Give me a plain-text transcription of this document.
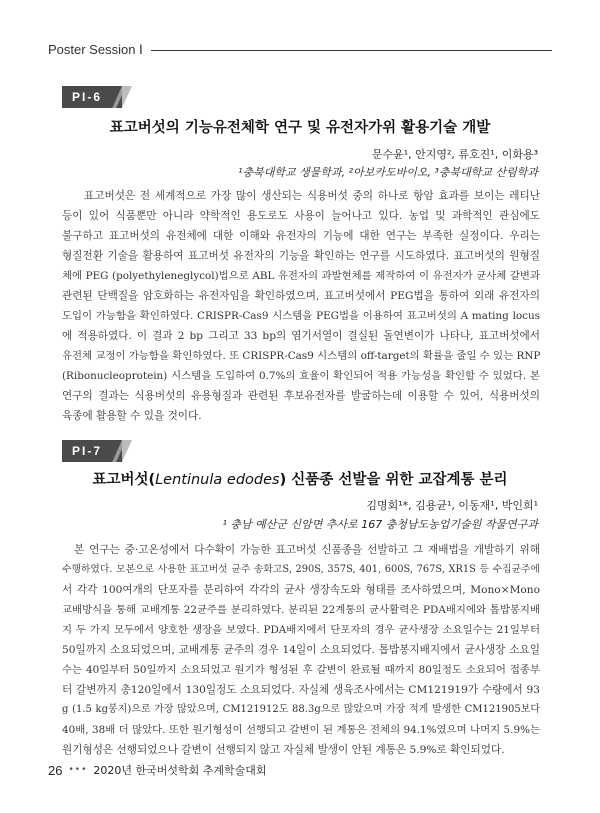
Poster Session Ⅰ
PI-6
표고버섯의 기능유전체학 연구 및 유전자가위 활용기술 개발
문수윤¹, 안지영², 류호진¹, 이화용³
¹충북대학교 생물학과, ²아보카도바이오, ³충북대학교 산림학과
표고버섯은 전 세계적으로 가장 많이 생산되는 식용버섯 중의 하나로 항암 효과를 보이는 레티난
등이 있어 식품뿐만 아니라 약학적인 용도로도 사용이 늘어나고 있다. 농업 및 과학적인 관심에도
불구하고 표고버섯의 유전체에 대한 이해와 유전자의 기능에 대한 연구는 부족한 실정이다. 우리는
형질전환 기술을 활용하여 표고버섯 유전자의 기능을 확인하는 연구를 시도하였다. 표고버섯의 원형질
체에 PEG (polyethyleneglycol)법으로 ABL 유전자의 과발현체를 제작하여 이 유전자가 균사체 갈변과
관련된 단백질을 암호화하는 유전자임을 확인하였으며, 표고버섯에서 PEG법을 통하여 외래 유전자의
도입이 가능함을 확인하였다. CRISPR-Cas9 시스템을 PEG법을 이용하여 표고버섯의 A mating locus
에 적용하였다. 이 결과 2 bp 그리고 33 bp의 염기서열이 결실된 돌연변이가 나타나, 표고버섯에서
유전체 교정이 가능함을 확인하였다. 또 CRISPR-Cas9 시스템의 off-target의 확률을 줄일 수 있는 RNP
(Ribonucleoprotein) 시스템을 도입하여 0.7%의 효율이 확인되어 적용 가능성을 확인할 수 있었다. 본
연구의 결과는 식용버섯의 유용형질과 관련된 후보유전자를 발굴하는데 이용할 수 있어, 식용버섯의
육종에 활용할 수 있을 것이다.
PI-7
표고버섯(Lentinula edodes) 신품종 선발을 위한 교잡계통 분리
김명회¹*, 김용균¹, 이동재¹, 박인희¹
¹ 충남 예산군 신암면 추사로 167 충청남도농업기술원 작물연구과
본 연구는 중·고온성에서 다수확이 가능한 표고버섯 신품종을 선발하고 그 재배법을 개발하기 위해
수행하였다. 모본으로 사용한 표고버섯 균주 송화고S, 290S, 357S, 401, 600S, 767S, XR1S 등 수집균주에
서 각각 100여개의 단포자를 분리하여 각각의 균사 생장속도와 형태를 조사하였으며, Mono×Mono
교배방식을 통해 교배계통 22균주를 분리하였다. 분리된 22계통의 균사활력은 PDA배지에와 톱밥봉지배
지 두 가지 모두에서 양호한 생장을 보였다. PDA배지에서 단포자의 경우 균사생장 소요일수는 21일부터
50일까지 소요되었으며, 교배계통 균주의 경우 14일이 소요되었다. 톱밥봉지배지에서 균사생장 소요일
수는 40일부터 50일까지 소요되었고 원기가 형성된 후 갈변이 완료될 때까지 80일정도 소요되어 접종부
터 갈변까지 총120일에서 130일정도 소요되었다. 자실체 생육조사에서는 CM121919가 수량에서 93
g (1.5 kg봉지)으로 가장 많았으며, CM121912도 88.3g으로 많았으며 가장 적게 발생한 CM121905보다
40배, 38배 더 많았다. 또한 원기형성이 선행되고 갈변이 된 계통은 전체의 94.1%였으며 나머지 5.9%는
원기형성은 선행되었으나 갈변이 선행되지 않고 자실체 발생이 안된 계통은 5.9%로 확인되었다.
26 ••• 2020년 한국버섯학회 추계학술대회
